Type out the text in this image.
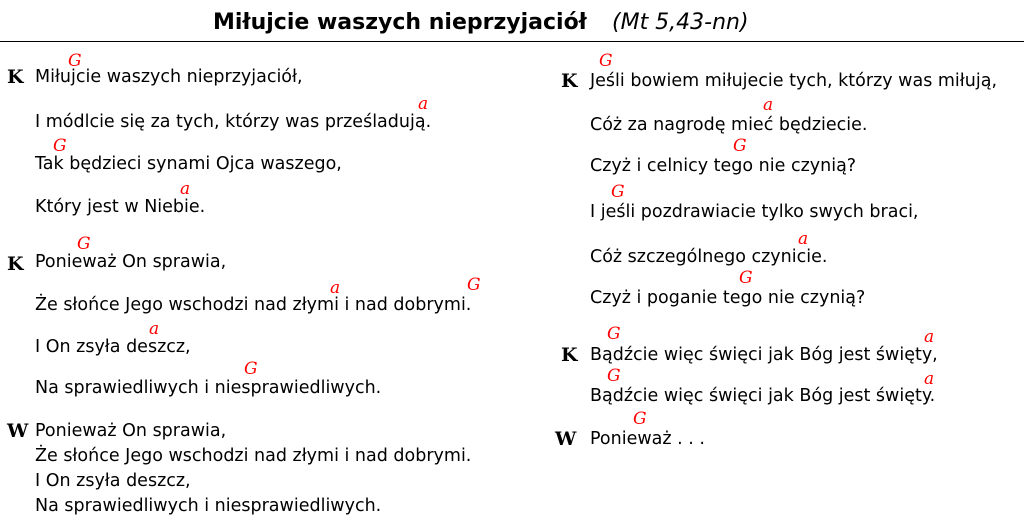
Miłujcie waszych nieprzyjaciół (Mt 5,43-nn)
K
G
Miłujcie waszych nieprzyjaciół,
a
I módlcie się za tych, którzy was prześladują.
G
Tak będzieci synami Ojca waszego,
a
Który jest w Niebie.
K
G
Ponieważ On sprawia,
a	G
Że słońce Jego wschodzi nad złymi i nad dobrymi.
a
I On zsyła deszcz,
G
Na sprawiedliwych i niesprawiedliwych.
W Ponieważ On sprawia,
Że słońce Jego wschodzi nad złymi i nad dobrymi.
I On zsyła deszcz,
Na sprawiedliwych i niesprawiedliwych.
K
G
Jeśli bowiem miłujecie tych, którzy was miłują,
a
Cóż za nagrodę mieć będziecie.
G
Czyż i celnicy tego nie czynią?
G
I jeśli pozdrawiacie tylko swych braci,
a
Cóż szczególnego czynicie.
G
Czyż i poganie tego nie czynią?
K
G	a
Bądźcie więc święci jak Bóg jest święty,
G	a
Bądźcie więc święci jak Bóg jest święty.
W
G
Ponieważ . . .
